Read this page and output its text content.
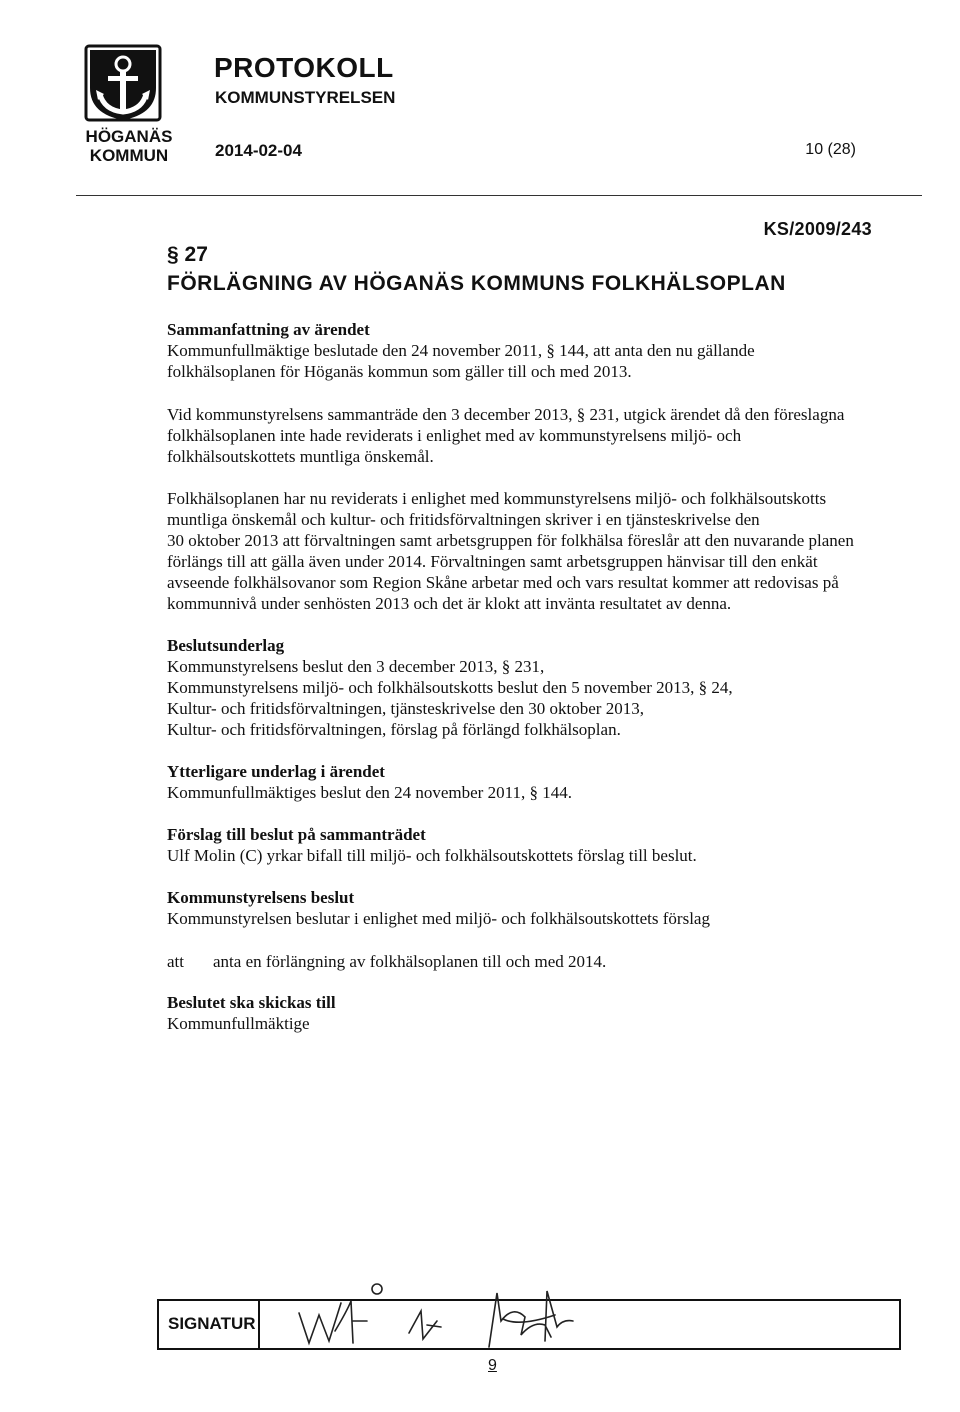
HÖGANÄS
KOMMUN
PROTOKOLL
KOMMUNSTYRELSEN
2014-02-04	10 (28)
KS/2009/243
§ 27
FÖRLÄGNING AV HÖGANÄS KOMMUNS FOLKHÄLSOPLAN

Sammanfattning av ärendet

Kommunfullmäktige beslutade den 24 november 2011, § 144, att anta den nu gällande

folkhälsoplanen för Höganäs kommun som gäller till och med 2013.

Vid kommunstyrelsens sammanträde den 3 december 2013, § 231, utgick ärendet då den föreslagna

folkhälsoplanen inte hade reviderats i enlighet med av kommunstyrelsens miljö- och

folkhälsoutskottets muntliga önskemål.

Folkhälsoplanen har nu reviderats i enlighet med kommunstyrelsens miljö- och folkhälsoutskotts

muntliga önskemål och kultur- och fritidsförvaltningen skriver i en tjänsteskrivelse den

30 oktober 2013 att förvaltningen samt arbetsgruppen för folkhälsa föreslår att den nuvarande planen

förlängs till att gälla även under 2014. Förvaltningen samt arbetsgruppen hänvisar till den enkät

avseende folkhälsovanor som Region Skåne arbetar med och vars resultat kommer att redovisas på

kommunnivå under senhösten 2013 och det är klokt att invänta resultatet av denna.

Beslutsunderlag

Kommunstyrelsens beslut den 3 december 2013, § 231,

Kommunstyrelsens miljö- och folkhälsoutskotts beslut den 5 november 2013, § 24,

Kultur- och fritidsförvaltningen, tjänsteskrivelse den 30 oktober 2013,

Kultur- och fritidsförvaltningen, förslag på förlängd folkhälsoplan.

Ytterligare underlag i ärendet

Kommunfullmäktiges beslut den 24 november 2011, § 144.

Förslag till beslut på sammanträdet

Ulf Molin (C) yrkar bifall till miljö- och folkhälsoutskottets förslag till beslut.

Kommunstyrelsens beslut

Kommunstyrelsen beslutar i enlighet med miljö- och folkhälsoutskottets förslag

att anta en förlängning av folkhälsoplanen till och med 2014.

Beslutet ska skickas till

Kommunfullmäktige

SIGNATUR
9
